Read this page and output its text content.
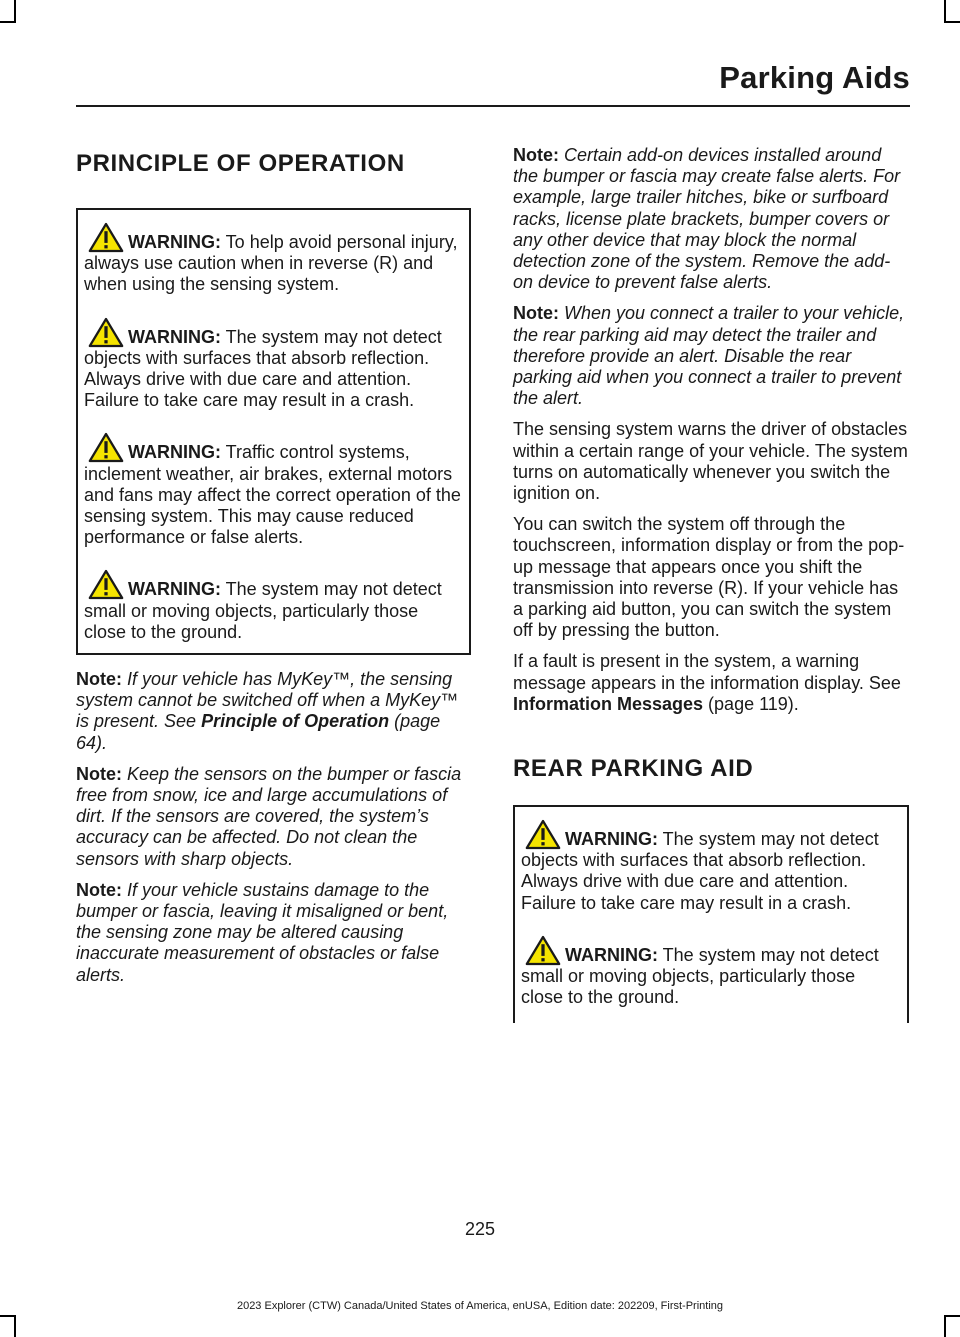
Parking Aids
PRINCIPLE OF OPERATION

WARNING: To help avoid personal injury, always use caution when in reverse (R) and when using the sensing system.

WARNING: The system may not detect objects with surfaces that absorb reflection. Always drive with due care and attention. Failure to take care may result in a crash.

WARNING: Traffic control systems, inclement weather, air brakes, external motors and fans may affect the correct operation of the sensing system. This may cause reduced performance or false alerts.

WARNING: The system may not detect small or moving objects, particularly those close to the ground.

Note: If your vehicle has MyKey™, the sensing system cannot be switched off when a MyKey™ is present. See Principle of Operation (page 64).

Note: Keep the sensors on the bumper or fascia free from snow, ice and large accumulations of dirt. If the sensors are covered, the system’s accuracy can be affected. Do not clean the sensors with sharp objects.

Note: If your vehicle sustains damage to the bumper or fascia, leaving it misaligned or bent, the sensing zone may be altered causing inaccurate measurement of obstacles or false alerts.

Note: Certain add-on devices installed around the bumper or fascia may create false alerts. For example, large trailer hitches, bike or surfboard racks, license plate brackets, bumper covers or any other device that may block the normal detection zone of the system. Remove the add-on device to prevent false alerts.

Note: When you connect a trailer to your vehicle, the rear parking aid may detect the trailer and therefore provide an alert. Disable the rear parking aid when you connect a trailer to prevent the alert.

The sensing system warns the driver of obstacles within a certain range of your vehicle. The system turns on automatically whenever you switch the ignition on.

You can switch the system off through the touchscreen, information display or from the pop-up message that appears once you shift the transmission into reverse (R). If your vehicle has a parking aid button, you can switch the system off by pressing the button.

If a fault is present in the system, a warning message appears in the information display. See Information Messages (page 119).

REAR PARKING AID

WARNING: The system may not detect objects with surfaces that absorb reflection. Always drive with due care and attention. Failure to take care may result in a crash.

WARNING: The system may not detect small or moving objects, particularly those close to the ground.

225
2023 Explorer (CTW) Canada/United States of America, enUSA, Edition date: 202209, First-Printing
